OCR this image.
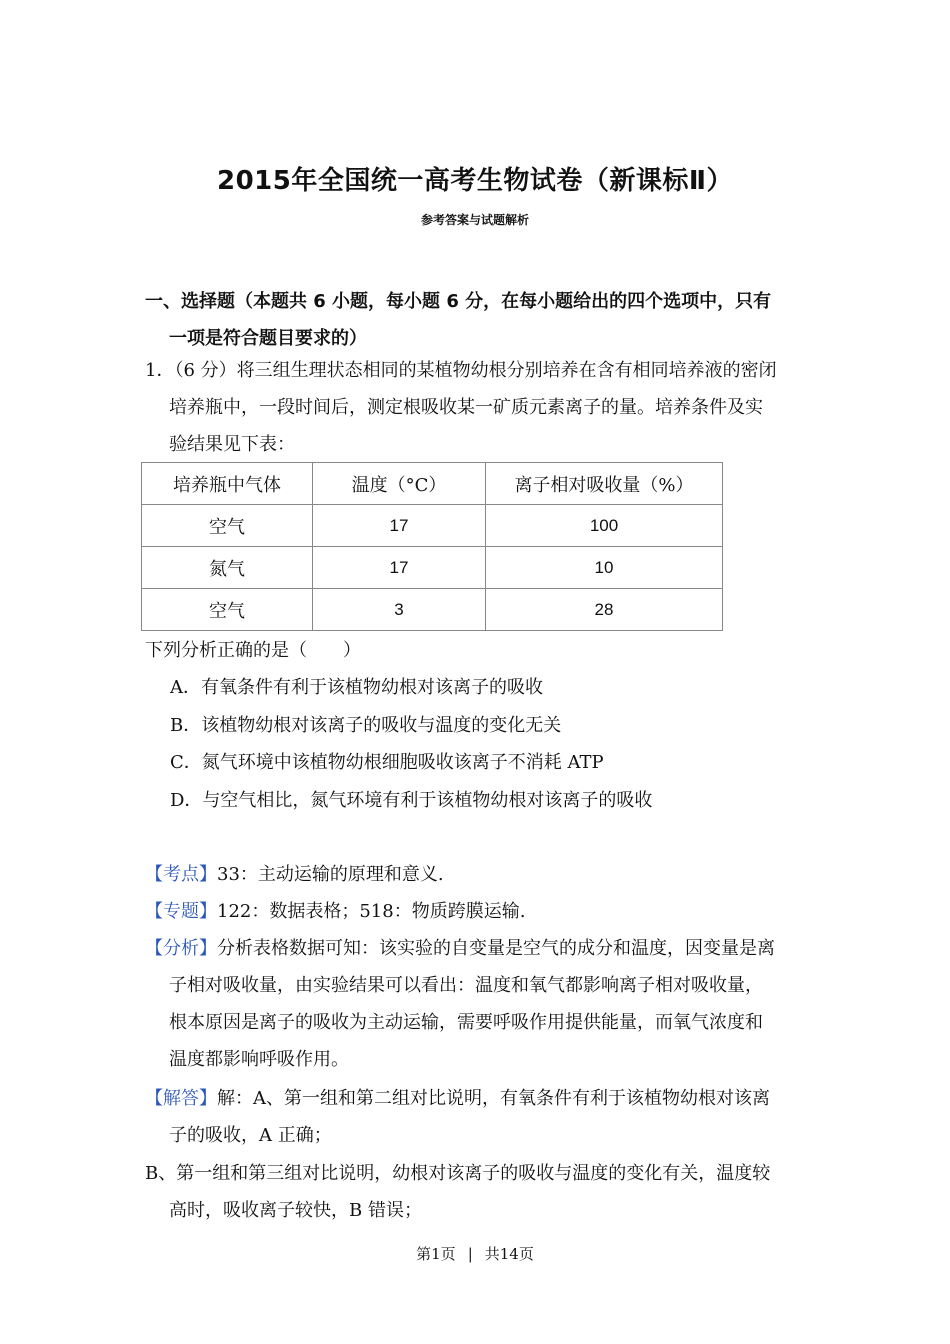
2015年全国统一高考生物试卷（新课标Ⅱ）
参考答案与试题解析
一、选择题（本题共 6 小题，每小题 6 分，在每小题给出的四个选项中，只有
一项是符合题目要求的）
1．（6 分）将三组生理状态相同的某植物幼根分别培养在含有相同培养液的密闭
培养瓶中，一段时间后，测定根吸收某一矿质元素离子的量。培养条件及实
验结果见下表：
培养瓶中气体	温度（°C）	离子相对吸收量（%）
空气	17	100
氮气	17	10
空气	3	28
下列分析正确的是（　　）
A．有氧条件有利于该植物幼根对该离子的吸收
B．该植物幼根对该离子的吸收与温度的变化无关
C．氮气环境中该植物幼根细胞吸收该离子不消耗 ATP
D．与空气相比，氮气环境有利于该植物幼根对该离子的吸收
【考点】33：主动运输的原理和意义.
【专题】122：数据表格；518：物质跨膜运输.
【分析】分析表格数据可知：该实验的自变量是空气的成分和温度，因变量是离
子相对吸收量，由实验结果可以看出：温度和氧气都影响离子相对吸收量，
根本原因是离子的吸收为主动运输，需要呼吸作用提供能量，而氧气浓度和
温度都影响呼吸作用。
【解答】解：A、第一组和第二组对比说明，有氧条件有利于该植物幼根对该离
子的吸收，A 正确；
B、第一组和第三组对比说明，幼根对该离子的吸收与温度的变化有关，温度较
高时，吸收离子较快，B 错误；
第1页 | 共14页
